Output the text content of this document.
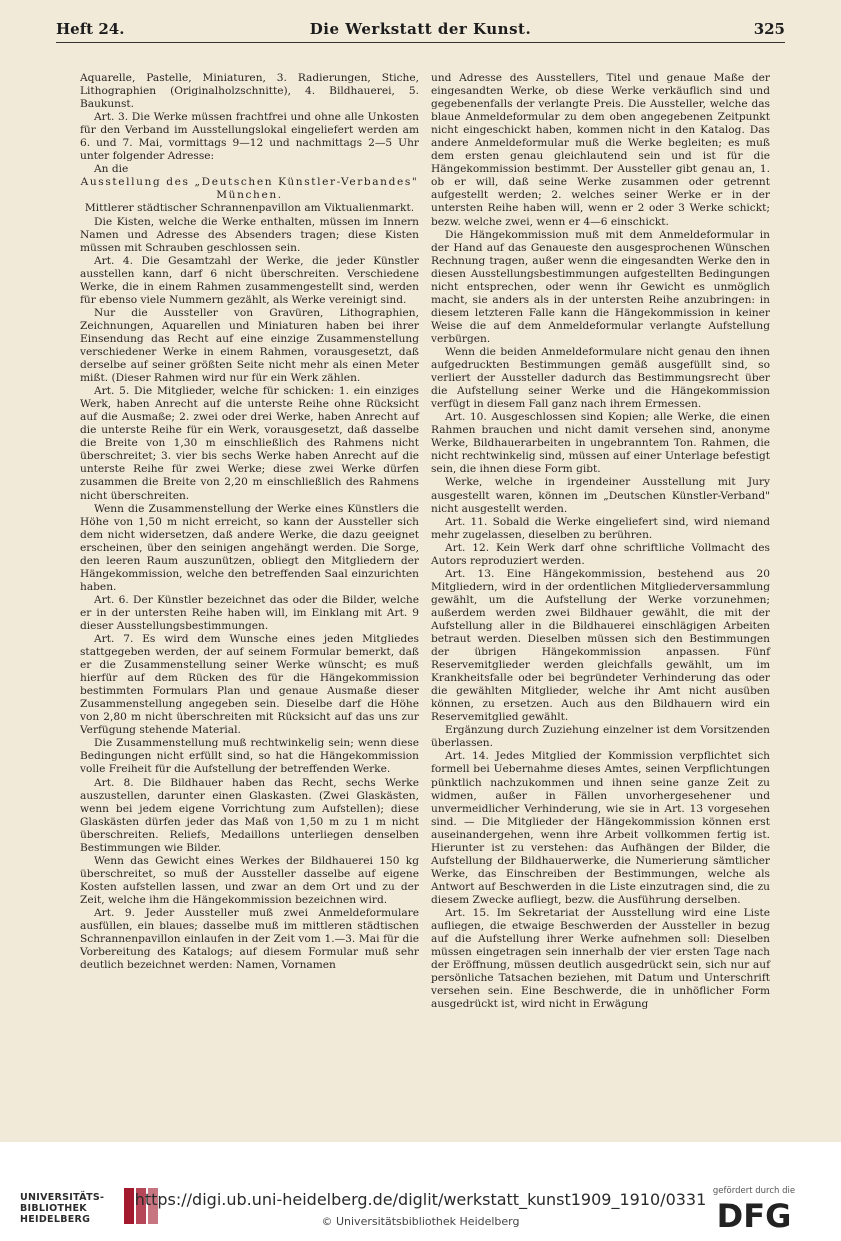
Heft 24.	Die Werkstatt der Kunst.	325

Aquarelle, Pastelle, Miniaturen, 3. Radierungen, Stiche, Lithographien (Originalholzschnitte), 4. Bildhauerei, 5. Baukunst.

Art. 3. Die Werke müssen frachtfrei und ohne alle Unkosten für den Verband im Ausstellungslokal eingeliefert werden am 6. und 7. Mai, vormittags 9—12 und nachmittags 2—5 Uhr unter folgender Adresse:

An die

Ausstellung des „Deutschen Künstler-Verbandes" München.

Mittlerer städtischer Schrannenpavillon am Viktualienmarkt.

Die Kisten, welche die Werke enthalten, müssen im Innern Namen und Adresse des Absenders tragen; diese Kisten müssen mit Schrauben geschlossen sein.

Art. 4. Die Gesamtzahl der Werke, die jeder Künstler ausstellen kann, darf 6 nicht überschreiten. Verschiedene Werke, die in einem Rahmen zusammengestellt sind, werden für ebenso viele Nummern gezählt, als Werke vereinigt sind.

Nur die Aussteller von Gravüren, Lithographien, Zeichnungen, Aquarellen und Miniaturen haben bei ihrer Einsendung das Recht auf eine einzige Zusammenstellung verschiedener Werke in einem Rahmen, vorausgesetzt, daß derselbe auf seiner größten Seite nicht mehr als einen Meter mißt. (Dieser Rahmen wird nur für ein Werk zählen.

Art. 5. Die Mitglieder, welche für schicken: 1. ein einziges Werk, haben Anrecht auf die unterste Reihe ohne Rücksicht auf die Ausmaße; 2. zwei oder drei Werke, haben Anrecht auf die unterste Reihe für ein Werk, vorausgesetzt, daß dasselbe die Breite von 1,30 m einschließlich des Rahmens nicht überschreitet; 3. vier bis sechs Werke haben Anrecht auf die unterste Reihe für zwei Werke; diese zwei Werke dürfen zusammen die Breite von 2,20 m einschließlich des Rahmens nicht überschreiten.

Wenn die Zusammenstellung der Werke eines Künstlers die Höhe von 1,50 m nicht erreicht, so kann der Aussteller sich dem nicht widersetzen, daß andere Werke, die dazu geeignet erscheinen, über den seinigen angehängt werden. Die Sorge, den leeren Raum auszunützen, obliegt den Mitgliedern der Hängekommission, welche den betreffenden Saal einzurichten haben.

Art. 6. Der Künstler bezeichnet das oder die Bilder, welche er in der untersten Reihe haben will, im Einklang mit Art. 9 dieser Ausstellungsbestimmungen.

Art. 7. Es wird dem Wunsche eines jeden Mitgliedes stattgegeben werden, der auf seinem Formular bemerkt, daß er die Zusammenstellung seiner Werke wünscht; es muß hierfür auf dem Rücken des für die Hängekommission bestimmten Formulars Plan und genaue Ausmaße dieser Zusammenstellung angegeben sein. Dieselbe darf die Höhe von 2,80 m nicht überschreiten mit Rücksicht auf das uns zur Verfügung stehende Material.

Die Zusammenstellung muß rechtwinkelig sein; wenn diese Bedingungen nicht erfüllt sind, so hat die Hängekommission volle Freiheit für die Aufstellung der betreffenden Werke.

Art. 8. Die Bildhauer haben das Recht, sechs Werke auszustellen, darunter einen Glaskasten. (Zwei Glaskästen, wenn bei jedem eigene Vorrichtung zum Aufstellen); diese Glaskästen dürfen jeder das Maß von 1,50 m zu 1 m nicht überschreiten. Reliefs, Medaillons unterliegen denselben Bestimmungen wie Bilder.

Wenn das Gewicht eines Werkes der Bildhauerei 150 kg überschreitet, so muß der Aussteller dasselbe auf eigene Kosten aufstellen lassen, und zwar an dem Ort und zu der Zeit, welche ihm die Hängekommission bezeichnen wird.

Art. 9. Jeder Aussteller muß zwei Anmeldeformulare ausfüllen, ein blaues; dasselbe muß im mittleren städtischen Schrannenpavillon einlaufen in der Zeit vom 1.—3. Mai für die Vorbereitung des Katalogs; auf diesem Formular muß sehr deutlich bezeichnet werden: Namen, Vornamen

und Adresse des Ausstellers, Titel und genaue Maße der eingesandten Werke, ob diese Werke verkäuflich sind und gegebenenfalls der verlangte Preis. Die Aussteller, welche das blaue Anmeldeformular zu dem oben angegebenen Zeitpunkt nicht eingeschickt haben, kommen nicht in den Katalog. Das andere Anmeldeformular muß die Werke begleiten; es muß dem ersten genau gleichlautend sein und ist für die Hängekommission bestimmt. Der Aussteller gibt genau an, 1. ob er will, daß seine Werke zusammen oder getrennt aufgestellt werden; 2. welches seiner Werke er in der untersten Reihe haben will, wenn er 2 oder 3 Werke schickt; bezw. welche zwei, wenn er 4—6 einschickt.

Die Hängekommission muß mit dem Anmeldeformular in der Hand auf das Genaueste den ausgesprochenen Wünschen Rechnung tragen, außer wenn die eingesandten Werke den in diesen Ausstellungsbestimmungen aufgestellten Bedingungen nicht entsprechen, oder wenn ihr Gewicht es unmöglich macht, sie anders als in der untersten Reihe anzubringen: in diesem letzteren Falle kann die Hängekommission in keiner Weise die auf dem Anmeldeformular verlangte Aufstellung verbürgen.

Wenn die beiden Anmeldeformulare nicht genau den ihnen aufgedruckten Bestimmungen gemäß ausgefüllt sind, so verliert der Aussteller dadurch das Bestimmungsrecht über die Aufstellung seiner Werke und die Hängekommission verfügt in diesem Fall ganz nach ihrem Ermessen.

Art. 10. Ausgeschlossen sind Kopien; alle Werke, die einen Rahmen brauchen und nicht damit versehen sind, anonyme Werke, Bildhauerarbeiten in ungebranntem Ton. Rahmen, die nicht rechtwinkelig sind, müssen auf einer Unterlage befestigt sein, die ihnen diese Form gibt.

Werke, welche in irgendeiner Ausstellung mit Jury ausgestellt waren, können im „Deutschen Künstler-Verband" nicht ausgestellt werden.

Art. 11. Sobald die Werke eingeliefert sind, wird niemand mehr zugelassen, dieselben zu berühren.

Art. 12. Kein Werk darf ohne schriftliche Vollmacht des Autors reproduziert werden.

Art. 13. Eine Hängekommission, bestehend aus 20 Mitgliedern, wird in der ordentlichen Mitgliederversammlung gewählt, um die Aufstellung der Werke vorzunehmen; außerdem werden zwei Bildhauer gewählt, die mit der Aufstellung aller in die Bildhauerei einschlägigen Arbeiten betraut werden. Dieselben müssen sich den Bestimmungen der übrigen Hängekommission anpassen. Fünf Reservemitglieder werden gleichfalls gewählt, um im Krankheitsfalle oder bei begründeter Verhinderung das oder die gewählten Mitglieder, welche ihr Amt nicht ausüben können, zu ersetzen. Auch aus den Bildhauern wird ein Reservemitglied gewählt.

Ergänzung durch Zuziehung einzelner ist dem Vorsitzenden überlassen.

Art. 14. Jedes Mitglied der Kommission verpflichtet sich formell bei Uebernahme dieses Amtes, seinen Verpflichtungen pünktlich nachzukommen und ihnen seine ganze Zeit zu widmen, außer in Fällen unvorhergesehener und unvermeidlicher Verhinderung, wie sie in Art. 13 vorgesehen sind. — Die Mitglieder der Hängekommission können erst auseinandergehen, wenn ihre Arbeit vollkommen fertig ist. Hierunter ist zu verstehen: das Aufhängen der Bilder, die Aufstellung der Bildhauerwerke, die Numerierung sämtlicher Werke, das Einschreiben der Bestimmungen, welche als Antwort auf Beschwerden in die Liste einzutragen sind, die zu diesem Zwecke aufliegt, bezw. die Ausführung derselben.

Art. 15. Im Sekretariat der Ausstellung wird eine Liste aufliegen, die etwaige Beschwerden der Aussteller in bezug auf die Aufstellung ihrer Werke aufnehmen soll: Dieselben müssen eingetragen sein innerhalb der vier ersten Tage nach der Eröffnung, müssen deutlich ausgedrückt sein, sich nur auf persönliche Tatsachen beziehen, mit Datum und Unterschrift versehen sein. Eine Beschwerde, die in unhöflicher Form ausgedrückt ist, wird nicht in Erwägung

UNIVERSITÄTS- BIBLIOTHEK HEIDELBERG
https://digi.ub.uni-heidelberg.de/diglit/werkstatt_kunst1909_1910/0331
© Universitätsbibliothek Heidelberg
gefördert durch die
DFG
